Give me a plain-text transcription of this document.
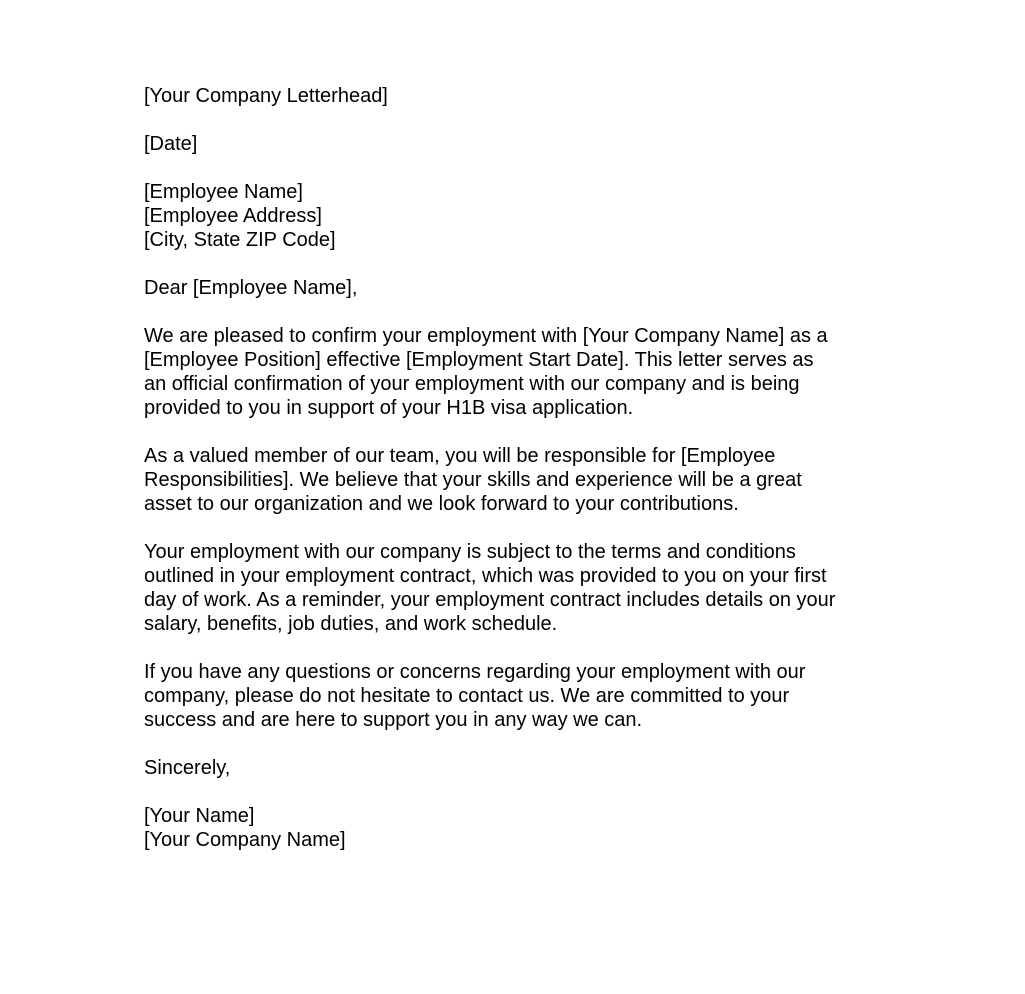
[Your Company Letterhead]
[Date]
[Employee Name]
[Employee Address]
[City, State ZIP Code]
Dear [Employee Name],
We are pleased to confirm your employment with [Your Company Name] as a
[Employee Position] effective [Employment Start Date]. This letter serves as
an official confirmation of your employment with our company and is being
provided to you in support of your H1B visa application.
As a valued member of our team, you will be responsible for [Employee
Responsibilities]. We believe that your skills and experience will be a great
asset to our organization and we look forward to your contributions.
Your employment with our company is subject to the terms and conditions
outlined in your employment contract, which was provided to you on your first
day of work. As a reminder, your employment contract includes details on your
salary, benefits, job duties, and work schedule.
If you have any questions or concerns regarding your employment with our
company, please do not hesitate to contact us. We are committed to your
success and are here to support you in any way we can.
Sincerely,
[Your Name]
[Your Company Name]
